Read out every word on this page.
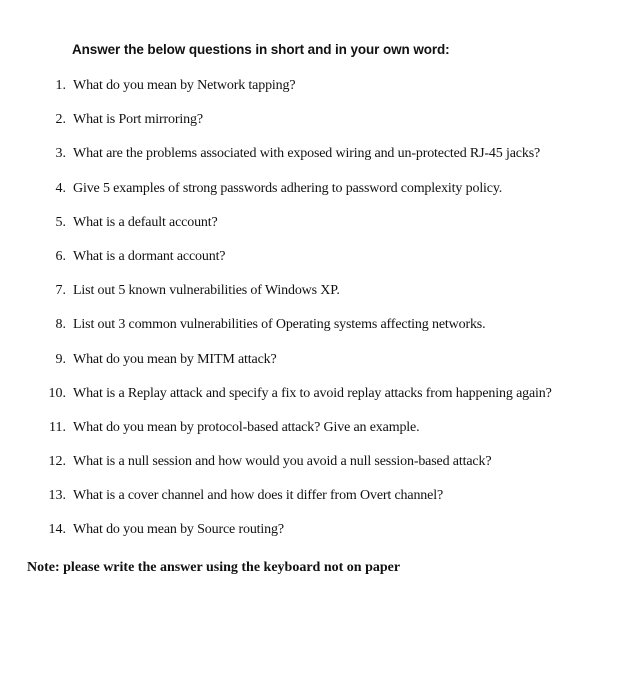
Answer the below questions in short and in your own word:
1. What do you mean by Network tapping?
2. What is Port mirroring?
3. What are the problems associated with exposed wiring and un-protected RJ-45 jacks?
4. Give 5 examples of strong passwords adhering to password complexity policy.
5. What is a default account?
6. What is a dormant account?
7. List out 5 known vulnerabilities of Windows XP.
8. List out 3 common vulnerabilities of Operating systems affecting networks.
9. What do you mean by MITM attack?
10. What is a Replay attack and specify a fix to avoid replay attacks from happening again?
11. What do you mean by protocol-based attack? Give an example.
12. What is a null session and how would you avoid a null session-based attack?
13. What is a cover channel and how does it differ from Overt channel?
14. What do you mean by Source routing?
Note: please write the answer using the keyboard not on paper
